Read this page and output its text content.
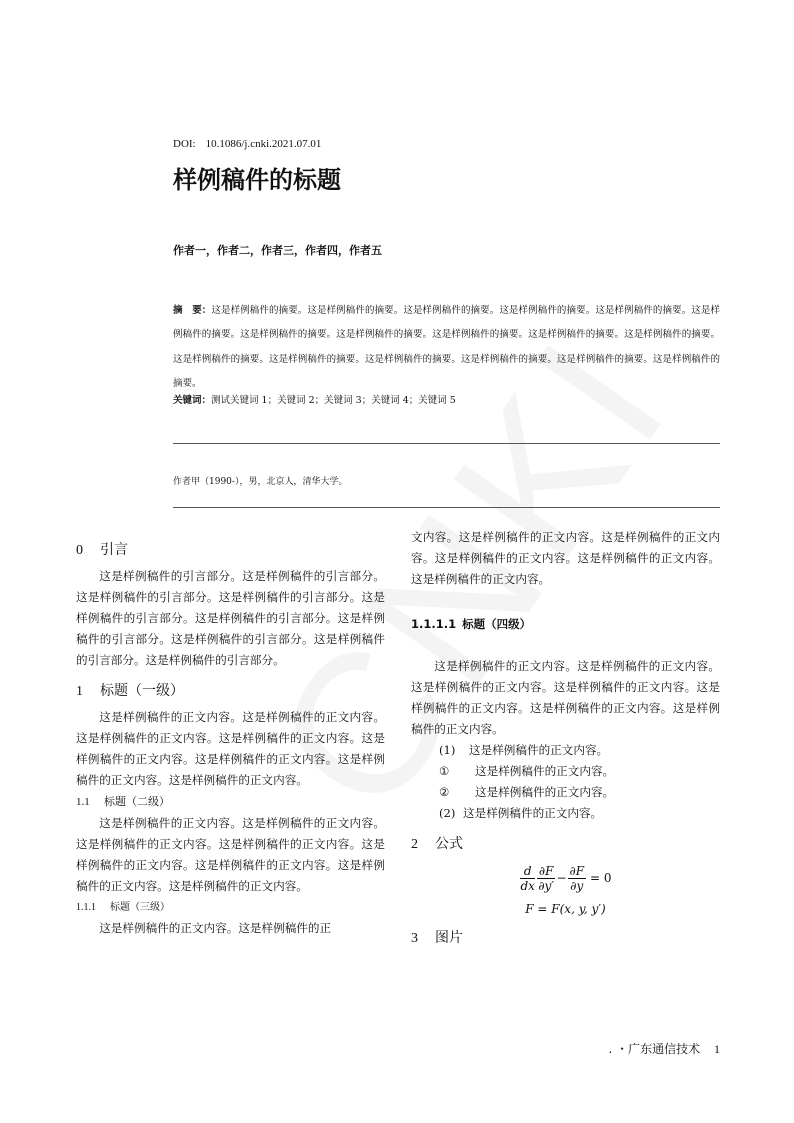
DOI: 10.1086/j.cnki.2021.07.01
样例稿件的标题
作者一，作者二，作者三，作者四，作者五
摘　要：这是样例稿件的摘要。这是样例稿件的摘要。这是样例稿件的摘要。这是样例稿件的摘要。这是样例稿件的摘要。这是样例稿件的摘要。这是样例稿件的摘要。这是样例稿件的摘要。这是样例稿件的摘要。这是样例稿件的摘要。这是样例稿件的摘要。这是样例稿件的摘要。这是样例稿件的摘要。这是样例稿件的摘要。这是样例稿件的摘要。这是样例稿件的摘要。这是样例稿件的摘要。
关键词：测试关键词 1；关键词 2；关键词 3；关键词 4；关键词 5
作者甲（1990-），男，北京人，清华大学。
0 引言

这是样例稿件的引言部分。这是样例稿件的引言部分。这是样例稿件的引言部分。这是样例稿件的引言部分。这是样例稿件的引言部分。这是样例稿件的引言部分。这是样例稿件的引言部分。这是样例稿件的引言部分。这是样例稿件的引言部分。这是样例稿件的引言部分。

1 标题（一级）

这是样例稿件的正文内容。这是样例稿件的正文内容。这是样例稿件的正文内容。这是样例稿件的正文内容。这是样例稿件的正文内容。这是样例稿件的正文内容。这是样例稿件的正文内容。这是样例稿件的正文内容。

1.1 标题（二级）

这是样例稿件的正文内容。这是样例稿件的正文内容。这是样例稿件的正文内容。这是样例稿件的正文内容。这是样例稿件的正文内容。这是样例稿件的正文内容。这是样例稿件的正文内容。这是样例稿件的正文内容。

1.1.1 标题（三级）

这是样例稿件的正文内容。这是样例稿件的正

文内容。这是样例稿件的正文内容。这是样例稿件的正文内容。这是样例稿件的正文内容。这是样例稿件的正文内容。这是样例稿件的正文内容。

1.1.1.1 标题（四级）

这是样例稿件的正文内容。这是样例稿件的正文内容。这是样例稿件的正文内容。这是样例稿件的正文内容。这是样例稿件的正文内容。这是样例稿件的正文内容。这是样例稿件的正文内容。

(1) 这是样例稿件的正文内容。
① 这是样例稿件的正文内容。
② 这是样例稿件的正文内容。
(2) 这是样例稿件的正文内容。
2 公式
$\frac{d}{dx} \frac{\partial F}{\partial y'} - \frac{\partial F}{\partial y} = 0$
F = F(x, y, y′)
3 图片
. ・广东通信技术 1
